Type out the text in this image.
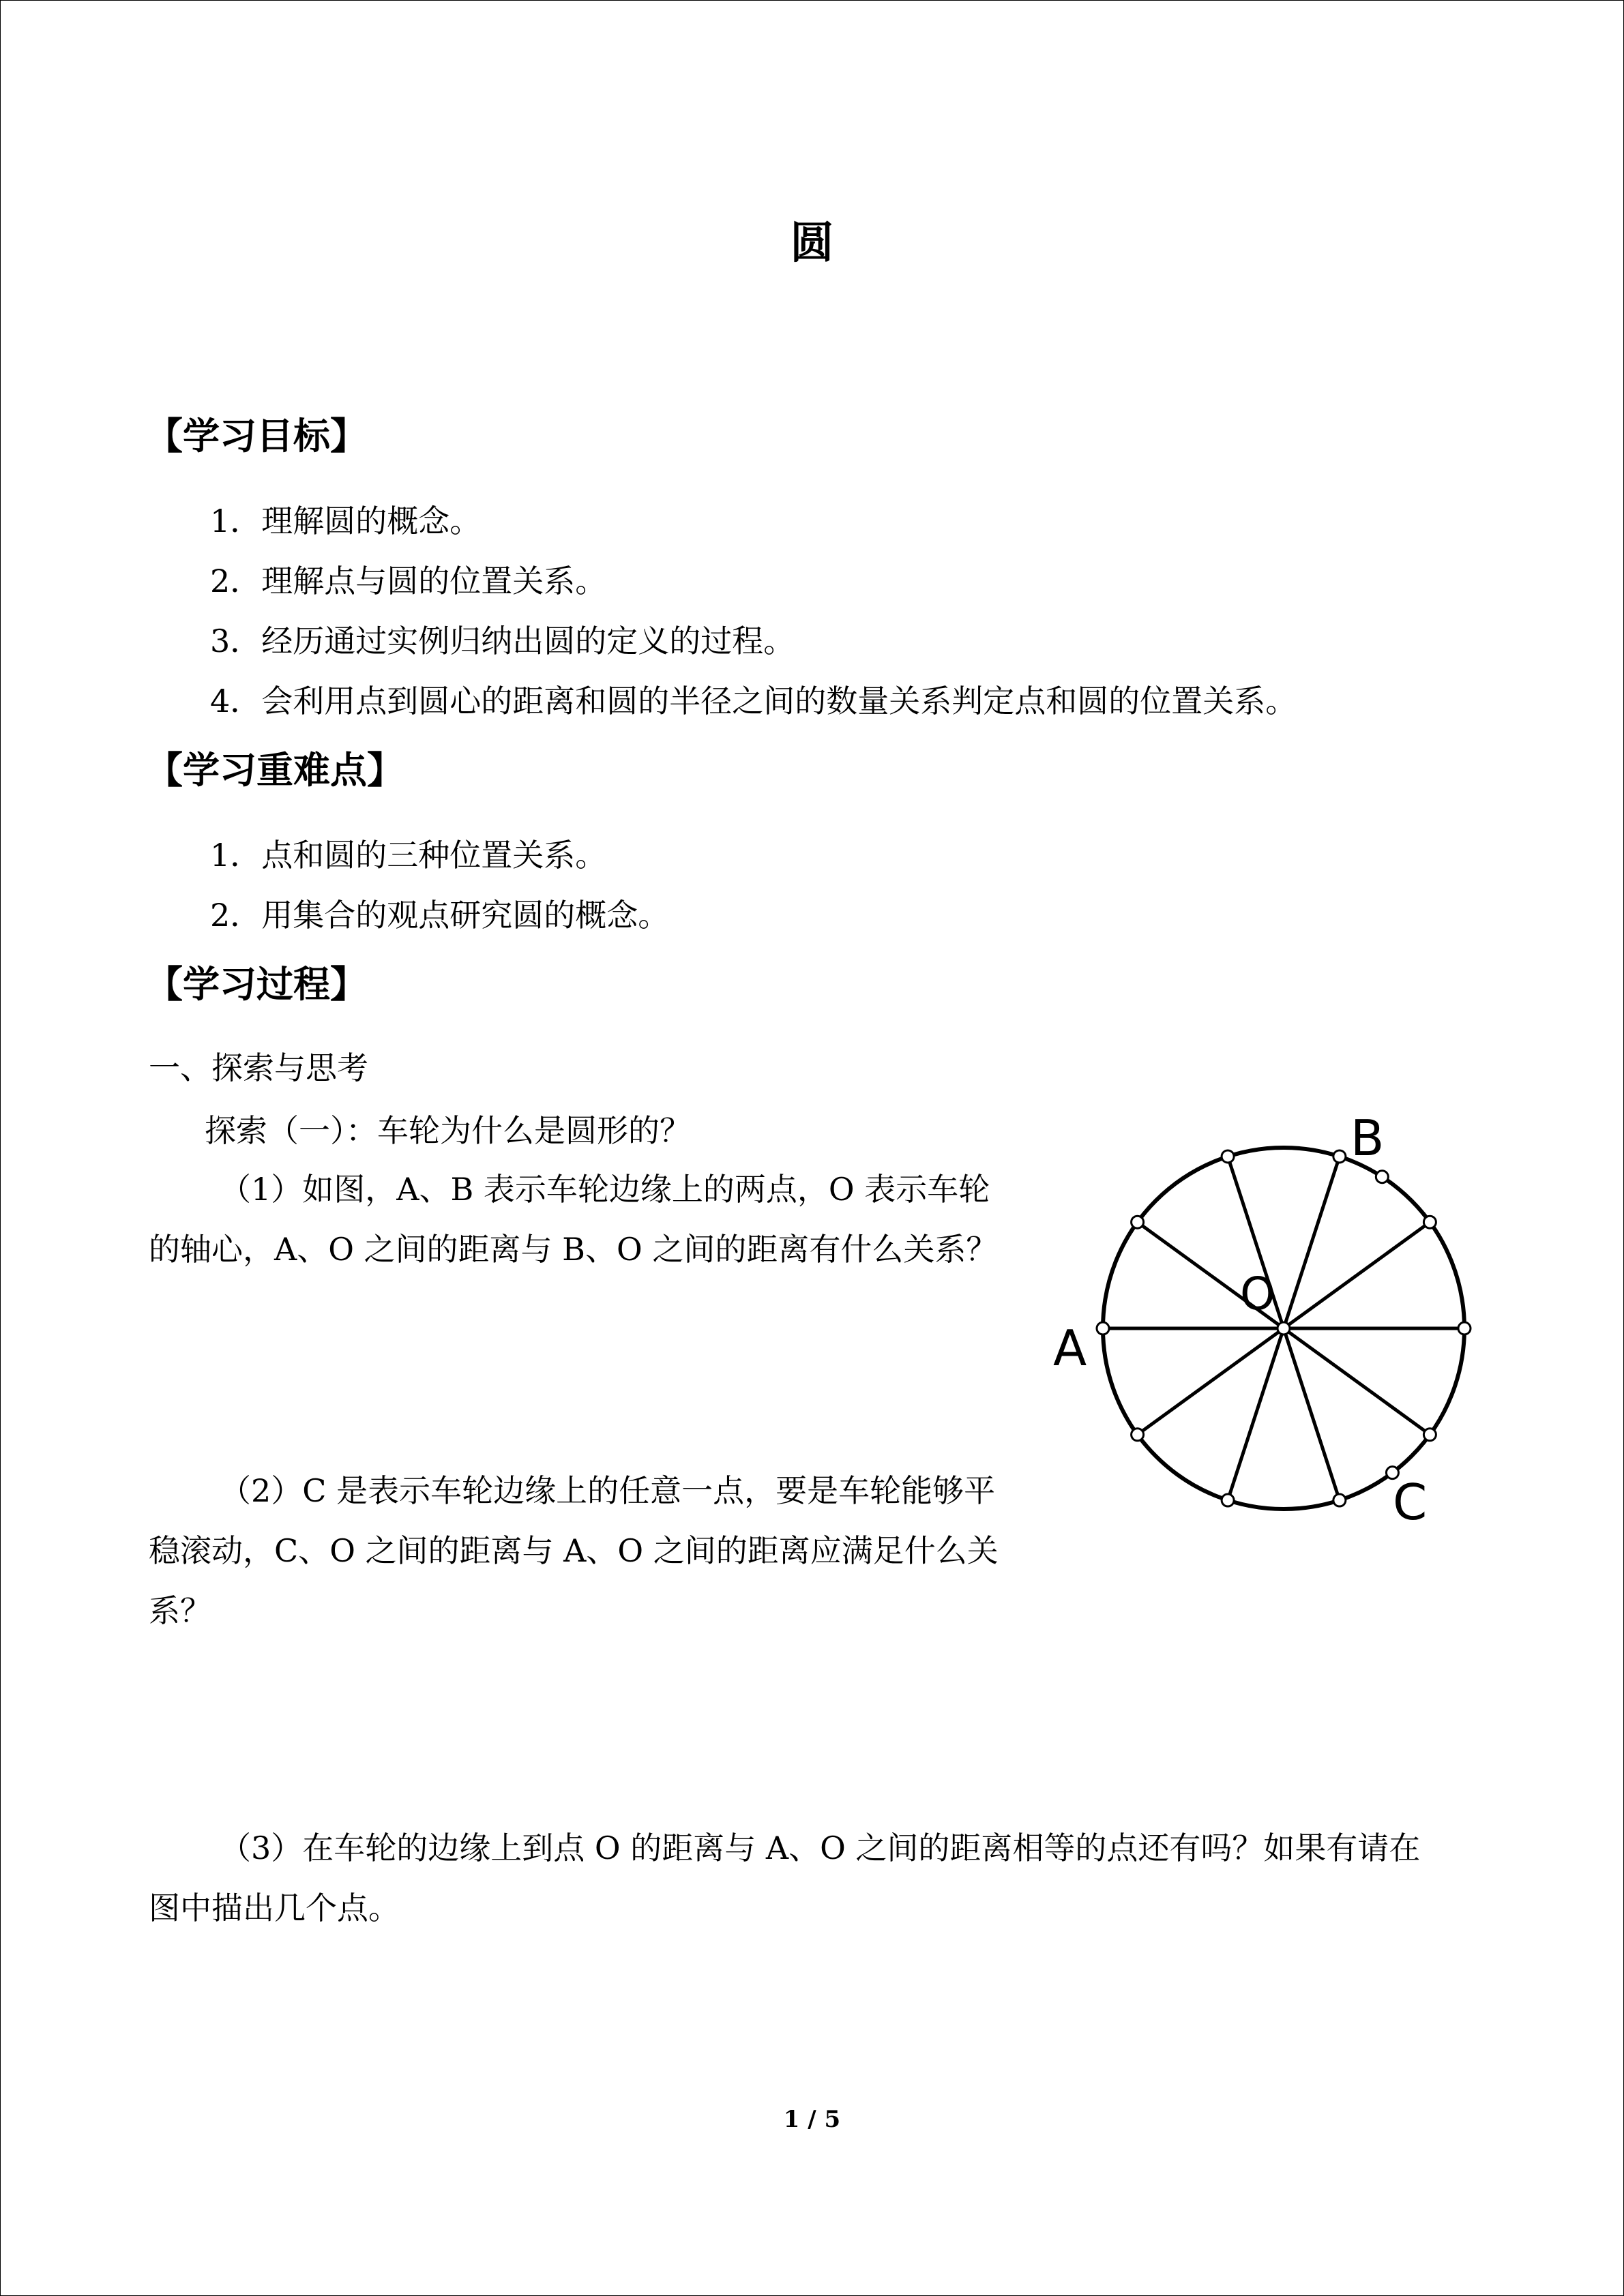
圆
【学习目标】
1．理解圆的概念。
2．理解点与圆的位置关系。
3．经历通过实例归纳出圆的定义的过程。
4．会利用点到圆心的距离和圆的半径之间的数量关系判定点和圆的位置关系。
【学习重难点】
1．点和圆的三种位置关系。
2．用集合的观点研究圆的概念。
【学习过程】
一、探索与思考
探索（一）：车轮为什么是圆形的？
（1）如图，A、B 表示车轮边缘上的两点，O 表示车轮
的轴心，A、O 之间的距离与 B、O 之间的距离有什么关系？
（2）C 是表示车轮边缘上的任意一点，要是车轮能够平
稳滚动，C、O 之间的距离与 A、O 之间的距离应满足什么关
系？
（3）在车轮的边缘上到点 O 的距离与 A、O 之间的距离相等的点还有吗？如果有请在
图中描出几个点。
A
B
C
O
1 / 5
